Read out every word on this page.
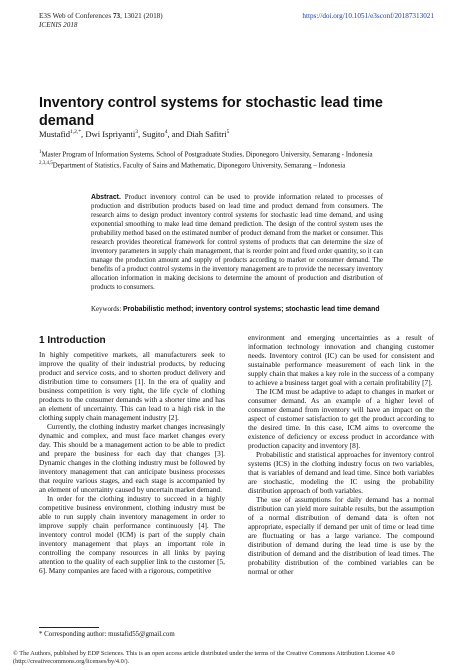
E3S Web of Conferences 73, 13021 (2018)
ICENIS 2018
https://doi.org/10.1051/e3sconf/20187313021
Inventory control systems for stochastic lead time demand
Mustafid$^{1,2,*}$, Dwi Ispriyanti$^3$, Sugito$^4$, and Diah Safitri$^5$
$^1$Master Program of Information Systems, School of Postgraduate Studies, Diponegoro University, Semarang - Indonesia
$^{2,3,4,5}$Department of Statistics, Faculty of Sains and Mathematic, Diponegoro University, Semarang – Indonesia
Abstract. Product inventory control can be used to provide information related to processes of production and distribution products based on lead time and product demand from consumers. The research aims to design product inventory control systems for stochastic lead time demand, and using exponential smoothing to make lead time demand prediction. The design of the control system uses the probability method based on the estimated number of product demand from the market or consumer. This research provides theoretical framework for control systems of products that can determine the size of inventory parameters in supply chain management, that is reorder point and fixed order quantity, so it can manage the production amount and supply of products according to market or consumer demand. The benefits of a product control systems in the inventory management are to provide the necessary inventory allocation information in making decisions to determine the amount of production and distribution of products to consumers.
Keywords: Probabilistic method; inventory control systems; stochastic lead time demand
1 Introduction

In highly competitive markets, all manufacturers seek to improve the quality of their industrial products, by reducing product and service costs, and to shorten product delivery and distribution time to consumers [1]. In the era of quality and business competition is very tight, the life cycle of clothing products to the consumer demands with a shorter time and has an element of uncertainty. This can lead to a high risk in the clothing supply chain management industry [2].

Currently, the clothing industry market changes increasingly dynamic and complex, and must face market changes every day. This should be a management action to be able to predict and prepare the business for each day that changes [3]. Dynamic changes in the clothing industry must be followed by inventory management that can anticipate business processes that require various stages, and each stage is accompanied by an element of uncertainty caused by uncertain market demand.

In order for the clothing industry to succeed in a highly competitive business environment, clothing industry must be able to run supply chain inventory management in order to improve supply chain performance continuously [4]. The inventory control model (ICM) is part of the supply chain inventory management that plays an important role in controlling the company resources in all links by paying attention to the quality of each supplier link to the customer [5, 6]. Many companies are faced with a rigorous, competitive

environment and emerging uncertainties as a result of information technology innovation and changing customer needs. Inventory control (IC) can be used for consistent and sustainable performance measurement of each link in the supply chain that makes a key role in the success of a company to achieve a business target goal with a certain profitability [7].

The ICM must be adaptive to adapt to changes in market or consumer demand. As an example of a higher level of consumer demand from inventory will have an impact on the aspect of customer satisfaction to get the product according to the desired time. In this case, ICM aims to overcome the existence of deficiency or excess product in accordance with production capacity and inventory [8].

Probabilistic and statistical approaches for inventory control systems (ICS) in the clothing industry focus on two variables, that is variables of demand and lead time. Since both variables are stochastic, modeling the IC using the probability distribution approach of both variables.

The use of assumptions for daily demand has a normal distribution can yield more suitable results, but the assumption of a normal distribution of demand data is often not appropriate, especially if demand per unit of time or lead time are fluctuating or has a large variance. The compound distribution of demand during the lead time is use by the distribution of demand and the distribution of lead times. The probability distribution of the combined variables can be normal or other

* Corresponding author: mustafid55@gmail.com
© The Authors, published by EDP Sciences. This is an open access article distributed under the terms of the Creative Commons Attribution License 4.0 (http://creativecommons.org/licenses/by/4.0/).
